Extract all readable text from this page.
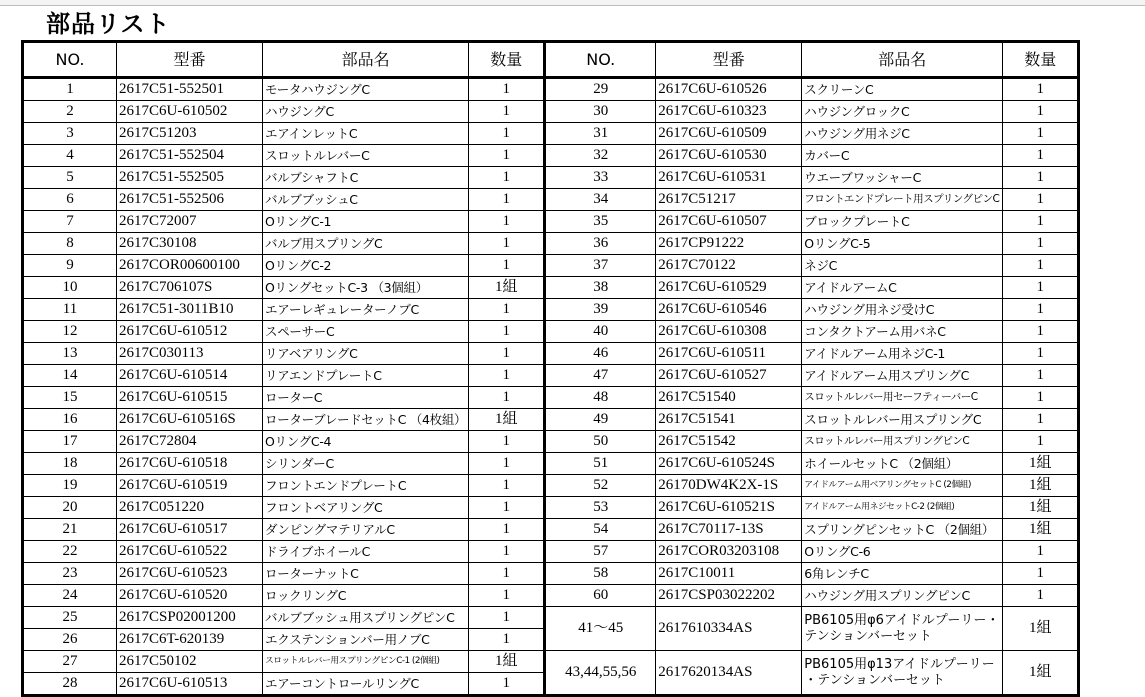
部品リスト
NO.	型番	部品名	数量	NO.	型番	部品名	数量
1	2617C51-552501	モータハウジングC	1	29	2617C6U-610526	スクリーンC	1
2	2617C6U-610502	ハウジングC	1	30	2617C6U-610323	ハウジングロックC	1
3	2617C51203	エアインレットC	1	31	2617C6U-610509	ハウジング用ネジC	1
4	2617C51-552504	スロットルレバーC	1	32	2617C6U-610530	カバーC	1
5	2617C51-552505	バルブシャフトC	1	33	2617C6U-610531	ウエーブワッシャーC	1
6	2617C51-552506	バルブブッシュC	1	34	2617C51217	フロントエンドプレート用スプリングピンC	1
7	2617C72007	OリングC-1	1	35	2617C6U-610507	ブロックプレートC	1
8	2617C30108	バルブ用スプリングC	1	36	2617CP91222	OリングC-5	1
9	2617COR00600100	OリングC-2	1	37	2617C70122	ネジC	1
10	2617C706107S	OリングセットC-3 （3個組）	1組	38	2617C6U-610529	アイドルアームC	1
11	2617C51-3011B10	エアーレギュレーターノブC	1	39	2617C6U-610546	ハウジング用ネジ受けC	1
12	2617C6U-610512	スペーサーC	1	40	2617C6U-610308	コンタクトアーム用バネC	1
13	2617C030113	リアベアリングC	1	46	2617C6U-610511	アイドルアーム用ネジC-1	1
14	2617C6U-610514	リアエンドプレートC	1	47	2617C6U-610527	アイドルアーム用スプリングC	1
15	2617C6U-610515	ローターC	1	48	2617C51540	スロットルレバー用セーフティーバーC	1
16	2617C6U-610516S	ローターブレードセットC （4枚組）	1組	49	2617C51541	スロットルレバー用スプリングC	1
17	2617C72804	OリングC-4	1	50	2617C51542	スロットルレバー用スプリングピンC	1
18	2617C6U-610518	シリンダーC	1	51	2617C6U-610524S	ホイールセットC （2個組）	1組
19	2617C6U-610519	フロントエンドプレートC	1	52	26170DW4K2X-1S	アイドルアーム用ベアリングセットC (2個組)	1組
20	2617C051220	フロントベアリングC	1	53	2617C6U-610521S	アイドルアーム用ネジセットC-2 (2個組)	1組
21	2617C6U-610517	ダンピングマテリアルC	1	54	2617C70117-13S	スプリングピンセットC （2個組）	1組
22	2617C6U-610522	ドライブホイールC	1	57	2617COR03203108	OリングC-6	1
23	2617C6U-610523	ローターナットC	1	58	2617C10011	6角レンチC	1
24	2617C6U-610520	ロックリングC	1	60	2617CSP03022202	ハウジング用スプリングピンC	1
25	2617CSP02001200	バルブブッシュ用スプリングピンC	1	41～45	2617610334AS	PB6105用φ6アイドルプーリー・テンションバーセット	1組
26	2617C6T-620139	エクステンションバー用ノブC	1				
27	2617C50102	スロットルレバー用スプリングピンC-1 (2個組)	1組	43,44,55,56	2617620134AS	PB6105用φ13アイドルプーリー ・テンションバーセット	1組
28	2617C6U-610513	エアーコントロールリングC	1				
